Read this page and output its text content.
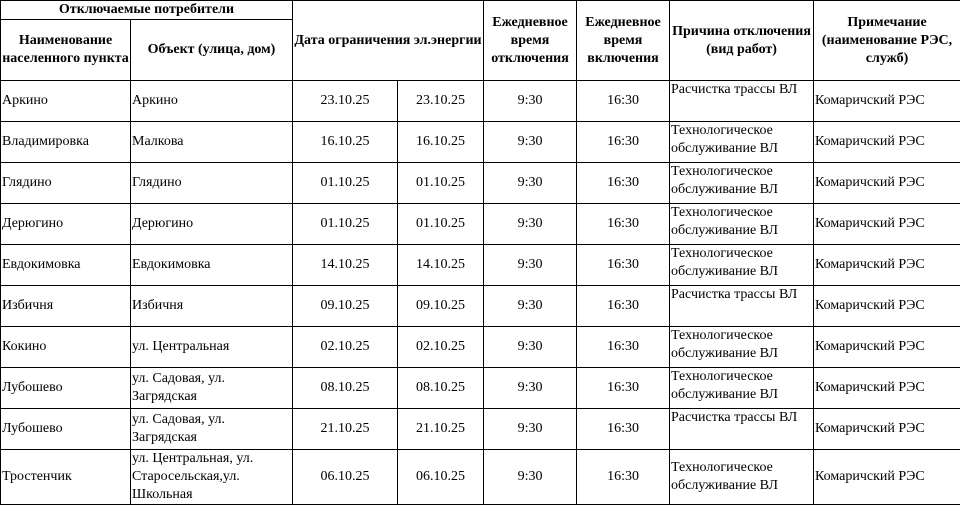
Отключаемые потребители		Дата ограничения эл.энергии		Ежедневное время отключения	Ежедневное время включения	Причина отключения (вид работ)	Примечание (наименование РЭС, служб)
Наименование населенного пункта	Объект (улица, дом)						
Аркино	Аркино	23.10.25	23.10.25	9:30	16:30	Расчистка трассы ВЛ	Комаричский РЭС
Владимировка	Малкова	16.10.25	16.10.25	9:30	16:30	Технологическое обслуживание ВЛ	Комаричский РЭС
Глядино	Глядино	01.10.25	01.10.25	9:30	16:30	Технологическое обслуживание ВЛ	Комаричский РЭС
Дерюгино	Дерюгино	01.10.25	01.10.25	9:30	16:30	Технологическое обслуживание ВЛ	Комаричский РЭС
Евдокимовка	Евдокимовка	14.10.25	14.10.25	9:30	16:30	Технологическое обслуживание ВЛ	Комаричский РЭС
Избичня	Избичня	09.10.25	09.10.25	9:30	16:30	Расчистка трассы ВЛ	Комаричский РЭС
Кокино	ул. Центральная	02.10.25	02.10.25	9:30	16:30	Технологическое обслуживание ВЛ	Комаричский РЭС
Лубошево	ул. Садовая, ул. Загрядская	08.10.25	08.10.25	9:30	16:30	Технологическое обслуживание ВЛ	Комаричский РЭС
Лубошево	ул. Садовая, ул. Загрядская	21.10.25	21.10.25	9:30	16:30	Расчистка трассы ВЛ	Комаричский РЭС
Тростенчик	ул. Центральная, ул. Старосельская,ул. Школьная	06.10.25	06.10.25	9:30	16:30	Технологическое обслуживание ВЛ	Комаричский РЭС
